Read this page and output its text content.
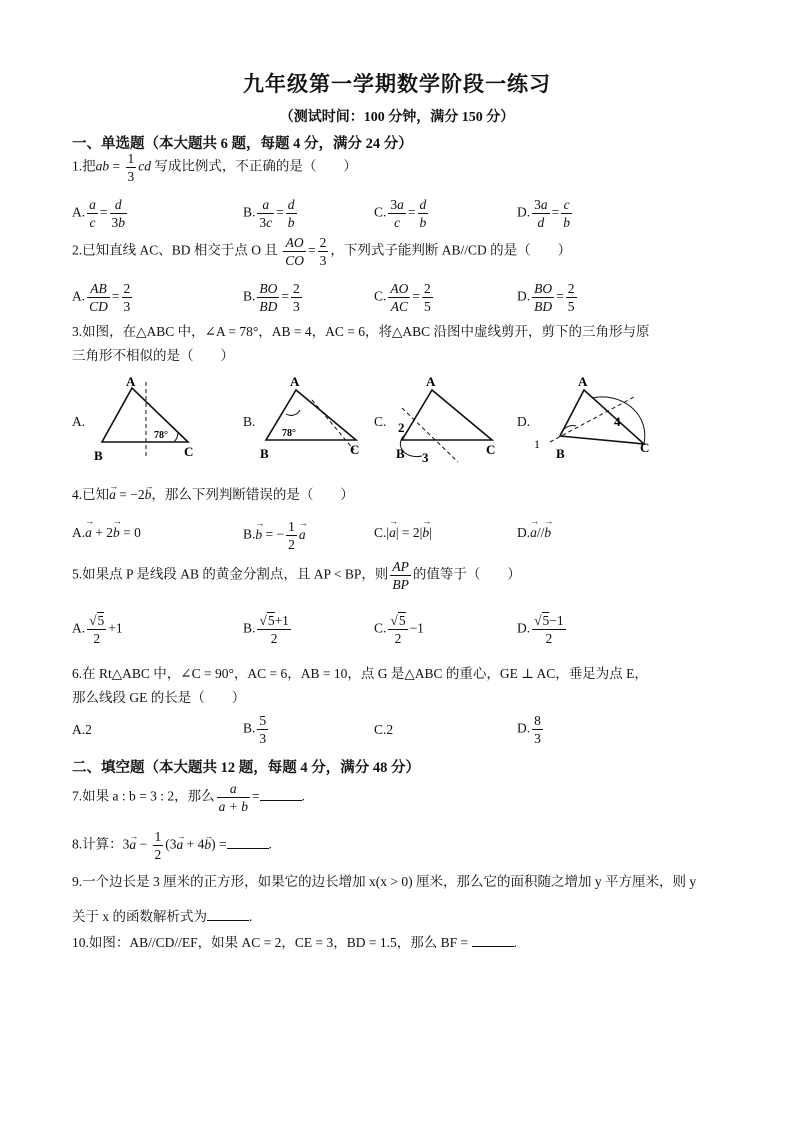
九年级第一学期数学阶段一练习
（测试时间：100 分钟，满分 150 分）
一、单选题（本大题共 6 题，每题 4 分，满分 24 分）
1.把ab = $\frac{1}{3}$ cd 写成比例式，不正确的是（　　）
A. $\frac{a}{c} = \frac{d}{3b}$	B. $\frac{a}{3c} = \frac{d}{b}$	C. $\frac{3a}{c} = \frac{d}{b}$	D. $\frac{3a}{d} = \frac{c}{b}$
2.已知直线 AC、BD 相交于点 O 且 $\frac{AO}{CO} = \frac{2}{3}$ ，下列式子能判断 AB//CD 的是（　　）
A. $\frac{AB}{CD} = \frac{2}{3}$	B. $\frac{BO}{BD} = \frac{2}{3}$	C. $\frac{AO}{AC} = \frac{2}{5}$	D. $\frac{BO}{BD} = \frac{2}{5}$
3.如图，在△ABC 中，∠A = 78°，AB = 4，AC = 6，将△ABC 沿图中虚线剪开，剪下的三角形与原
三角形不相似的是（　　）
A.	B.	C.	D.
A
B	C
78°
A
B	C
78°
A
B	C
2
3
A
B	C
4
1
4.已知→ a = −2→ b，那么下列判断错误的是（　　）
A.→ a + 2→ b = 0	B.→ b = − $\frac{1}{2}$
→ a	C.|→ a| = 2|→ b|	D.→ a//→ b
5.如果点 P 是线段 AB 的黄金分割点，且 AP < BP，则 $\frac{AP}{BP}$ 的值等于（　　）
A. $\frac{√5}{2} +1$	B. $\frac{√5+1}{2}$	C. $\frac{√5}{2} -1$	D. $\frac{√5-1}{2}$
6.在 Rt△ABC 中，∠C = 90°，AC = 6，AB = 10，点 G 是△ABC 的重心，GE ⊥ AC，垂足为点 E，
那么线段 GE 的长是（　　）
A.2	B. $\frac{5}{3}$	C.2	D. $\frac{8}{3}$
二、填空题（本大题共 12 题，每题 4 分，满分 48 分）
7.如果 a : b = 3 : 2，那么 $\frac{a}{a + b}$ =	.
8.计算：$3\to a - \frac{1}{2} (3\to a + 4\to b)$ =	.
9.一个边长是 3 厘米的正方形，如果它的边长增加 x(x > 0) 厘米，那么它的面积随之增加 y 平方厘米，则 y
关于 x 的函数解析式为	.
10.如图：AB//CD//EF，如果 AC = 2，CE = 3，BD = 1.5，那么 BF =	.
